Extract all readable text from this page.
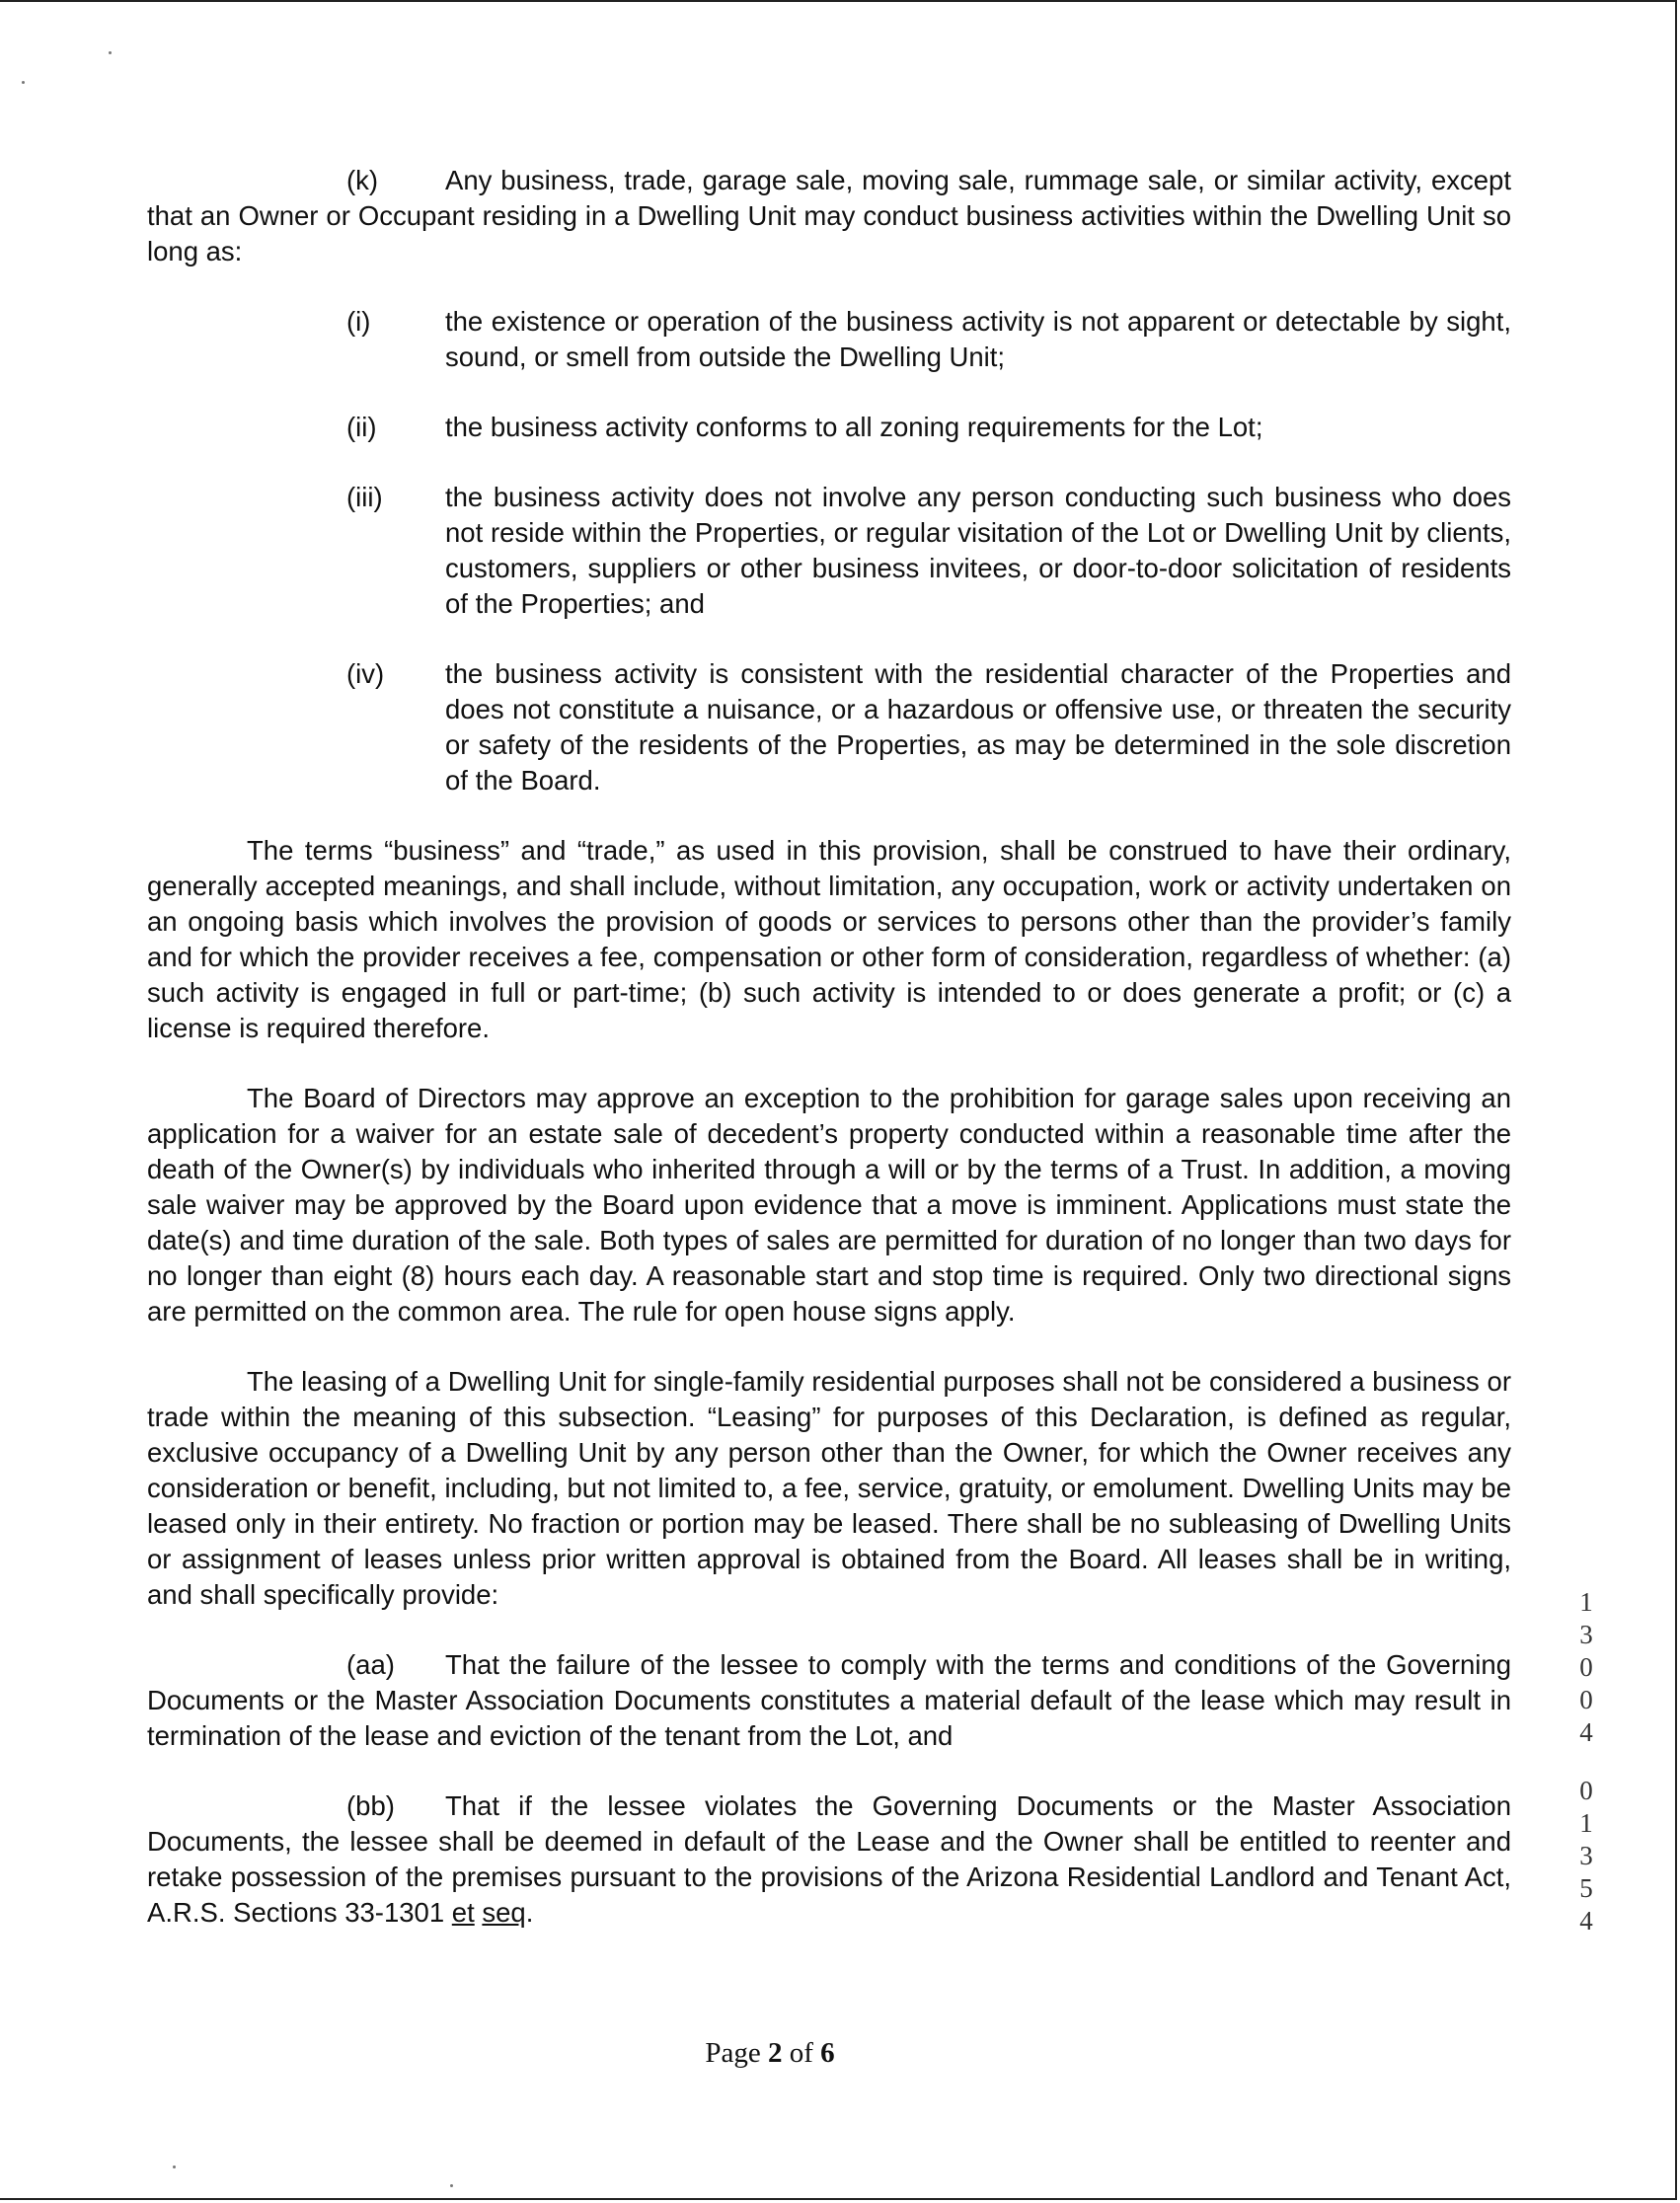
(k) Any business, trade, garage sale, moving sale, rummage sale, or similar activity, except that an Owner or Occupant residing in a Dwelling Unit may conduct business activities within the Dwelling Unit so long as:

(i)	the existence or operation of the business activity is not apparent or detectable by sight, sound, or smell from outside the Dwelling Unit;

(ii)	the business activity conforms to all zoning requirements for the Lot;

(iii)	the business activity does not involve any person conducting such business who does not reside within the Properties, or regular visitation of the Lot or Dwelling Unit by clients, customers, suppliers or other business invitees, or door-to-door solicitation of residents of the Properties; and

(iv)	the business activity is consistent with the residential character of the Properties and does not constitute a nuisance, or a hazardous or offensive use, or threaten the security or safety of the residents of the Properties, as may be determined in the sole discretion of the Board.

The terms “business” and “trade,” as used in this provision, shall be construed to have their ordinary, generally accepted meanings, and shall include, without limitation, any occupation, work or activity undertaken on an ongoing basis which involves the provision of goods or services to persons other than the provider’s family and for which the provider receives a fee, compensation or other form of consideration, regardless of whether: (a) such activity is engaged in full or part-time; (b) such activity is intended to or does generate a profit; or (c) a license is required therefore.

The Board of Directors may approve an exception to the prohibition for garage sales upon receiving an application for a waiver for an estate sale of decedent’s property conducted within a reasonable time after the death of the Owner(s) by individuals who inherited through a will or by the terms of a Trust. In addition, a moving sale waiver may be approved by the Board upon evidence that a move is imminent. Applications must state the date(s) and time duration of the sale. Both types of sales are permitted for duration of no longer than two days for no longer than eight (8) hours each day. A reasonable start and stop time is required. Only two directional signs are permitted on the common area. The rule for open house signs apply.

The leasing of a Dwelling Unit for single-family residential purposes shall not be considered a business or trade within the meaning of this subsection. “Leasing” for purposes of this Declaration, is defined as regular, exclusive occupancy of a Dwelling Unit by any person other than the Owner, for which the Owner receives any consideration or benefit, including, but not limited to, a fee, service, gratuity, or emolument. Dwelling Units may be leased only in their entirety. No fraction or portion may be leased. There shall be no subleasing of Dwelling Units or assignment of leases unless prior written approval is obtained from the Board. All leases shall be in writing, and shall specifically provide:

(aa) That the failure of the lessee to comply with the terms and conditions of the Governing Documents or the Master Association Documents constitutes a material default of the lease which may result in termination of the lease and eviction of the tenant from the Lot, and

(bb) That if the lessee violates the Governing Documents or the Master Association Documents, the lessee shall be deemed in default of the Lease and the Owner shall be entitled to reenter and retake possession of the premises pursuant to the provisions of the Arizona Residential Landlord and Tenant Act, A.R.S. Sections 33-1301 et seq.

Page 2 of 6
1300401354
